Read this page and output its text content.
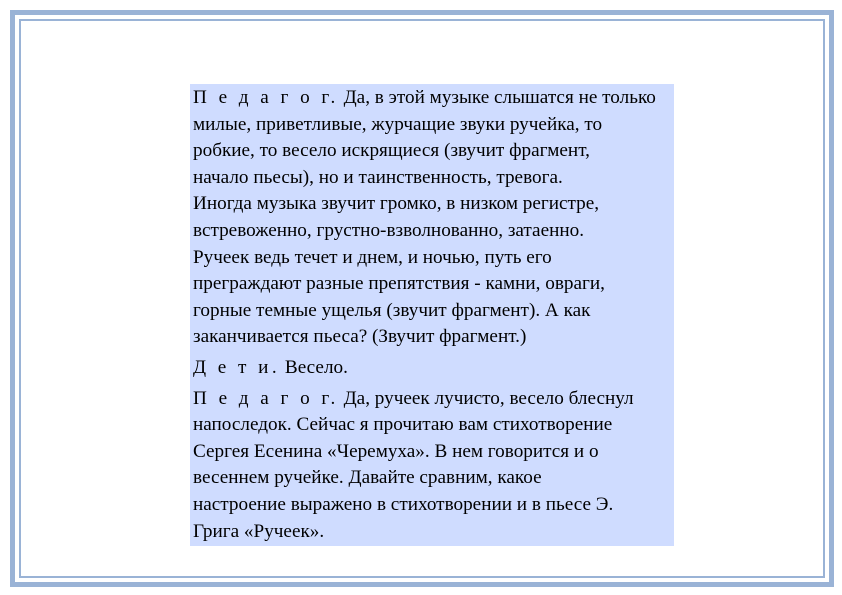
П е д а г о г. Да, в этой музыке слышатся не только
милые, приветливые, журчащие звуки ручейка, то
робкие, то весело искрящиеся (звучит фрагмент,
начало пьесы), но и таинственность, тревога.
Иногда музыка звучит громко, в низком регистре,
встревоженно, грустно-взволнованно, затаенно.
Ручеек ведь течет и днем, и ночью, путь его
преграждают разные препятствия - камни, овраги,
горные темные ущелья (звучит фрагмент). А как
заканчивается пьеса? (Звучит фрагмент.)

Д е т и. Весело.

П е д а г о г. Да, ручеек лучисто, весело блеснул
напоследок. Сейчас я прочитаю вам стихотворение
Сергея Есенина «Черемуха». В нем говорится и о
весеннем ручейке. Давайте сравним, какое
настроение выражено в стихотворении и в пьесе Э.
Грига «Ручеек».
